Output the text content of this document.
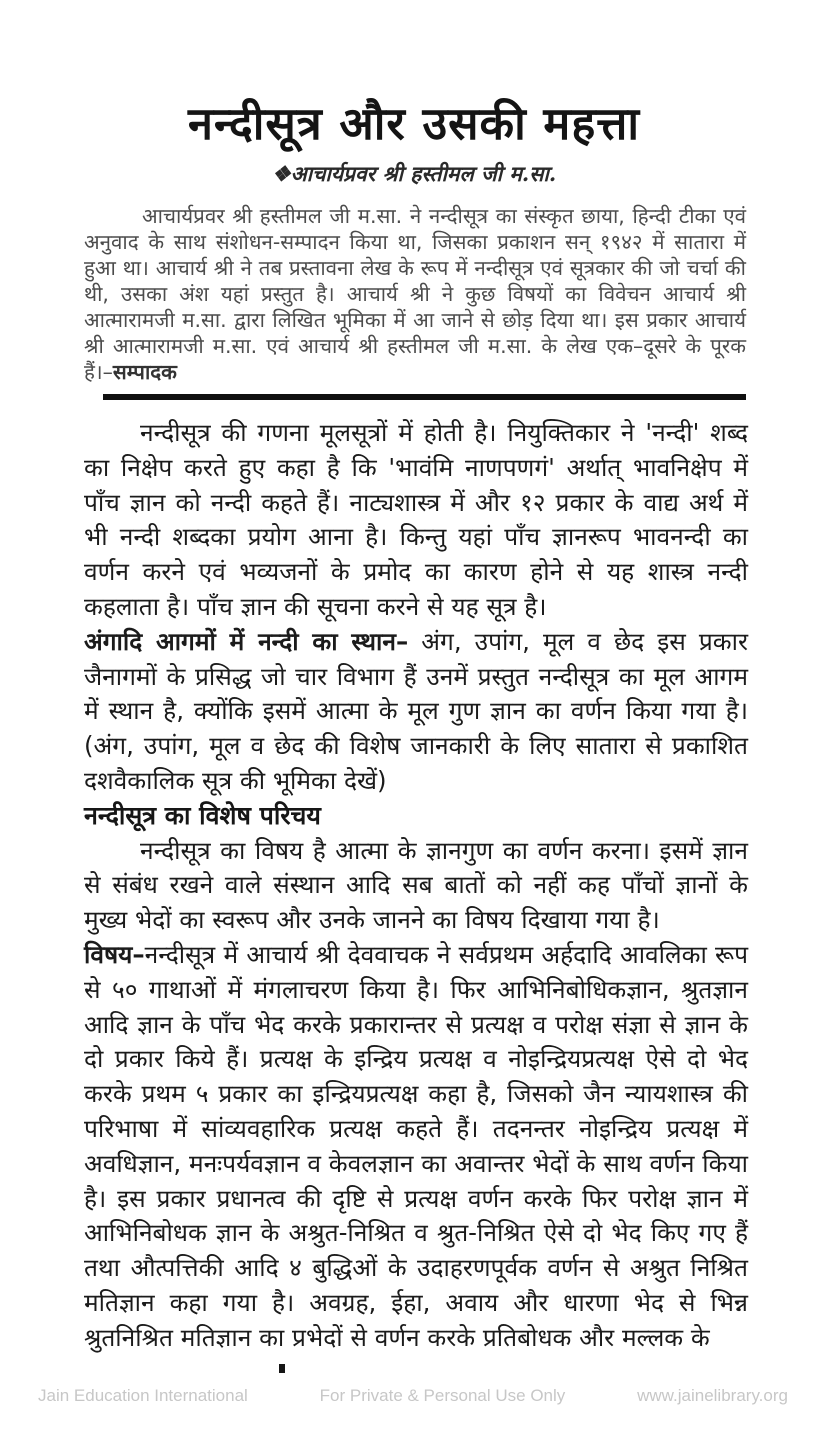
नन्दीसूत्र और उसकी महत्ता
❖आचार्यप्रवर श्री हस्तीमल जी म.सा.
आचार्यप्रवर श्री हस्तीमल जी म.सा. ने नन्दीसूत्र का संस्कृत छाया, हिन्दी टीका एवं अनुवाद के साथ संशोधन-सम्पादन किया था, जिसका प्रकाशन सन् १९४२ में सातारा में हुआ था। आचार्य श्री ने तब प्रस्तावना लेख के रूप में नन्दीसूत्र एवं सूत्रकार की जो चर्चा की थी, उसका अंश यहां प्रस्तुत है। आचार्य श्री ने कुछ विषयों का विवेचन आचार्य श्री आत्मारामजी म.सा. द्वारा लिखित भूमिका में आ जाने से छोड़ दिया था। इस प्रकार आचार्य श्री आत्मारामजी म.सा. एवं आचार्य श्री हस्तीमल जी म.सा. के लेख एक–दूसरे के पूरक हैं।–सम्पादक

नन्दीसूत्र की गणना मूलसूत्रों में होती है। नियुक्तिकार ने 'नन्दी' शब्द का निक्षेप करते हुए कहा है कि 'भावंमि नाणपणगं' अर्थात् भावनिक्षेप में पाँच ज्ञान को नन्दी कहते हैं। नाट्यशास्त्र में और १२ प्रकार के वाद्य अर्थ में भी नन्दी शब्दका प्रयोग आना है। किन्तु यहां पाँच ज्ञानरूप भावनन्दी का वर्णन करने एवं भव्यजनों के प्रमोद का कारण होने से यह शास्त्र नन्दी कहलाता है। पाँच ज्ञान की सूचना करने से यह सूत्र है।

अंगादि आगमों में नन्दी का स्थान– अंग, उपांग, मूल व छेद इस प्रकार जैनागमों के प्रसिद्ध जो चार विभाग हैं उनमें प्रस्तुत नन्दीसूत्र का मूल आगम में स्थान है, क्योंकि इसमें आत्मा के मूल गुण ज्ञान का वर्णन किया गया है। (अंग, उपांग, मूल व छेद की विशेष जानकारी के लिए सातारा से प्रकाशित दशवैकालिक सूत्र की भूमिका देखें)

नन्दीसूत्र का विशेष परिचय

नन्दीसूत्र का विषय है आत्मा के ज्ञानगुण का वर्णन करना। इसमें ज्ञान से संबंध रखने वाले संस्थान आदि सब बातों को नहीं कह पाँचों ज्ञानों के मुख्य भेदों का स्वरूप और उनके जानने का विषय दिखाया गया है।

विषय–नन्दीसूत्र में आचार्य श्री देववाचक ने सर्वप्रथम अर्हदादि आवलिका रूप से ५० गाथाओं में मंगलाचरण किया है। फिर आभिनिबोधिकज्ञान, श्रुतज्ञान आदि ज्ञान के पाँच भेद करके प्रकारान्तर से प्रत्यक्ष व परोक्ष संज्ञा से ज्ञान के दो प्रकार किये हैं। प्रत्यक्ष के इन्द्रिय प्रत्यक्ष व नोइन्द्रियप्रत्यक्ष ऐसे दो भेद करके प्रथम ५ प्रकार का इन्द्रियप्रत्यक्ष कहा है, जिसको जैन न्यायशास्त्र की परिभाषा में सांव्यवहारिक प्रत्यक्ष कहते हैं। तदनन्तर नोइन्द्रिय प्रत्यक्ष में अवधिज्ञान, मनःपर्यवज्ञान व केवलज्ञान का अवान्तर भेदों के साथ वर्णन किया है। इस प्रकार प्रधानत्व की दृष्टि से प्रत्यक्ष वर्णन करके फिर परोक्ष ज्ञान में आभिनिबोधक ज्ञान के अश्रुत-निश्रित व श्रुत-निश्रित ऐसे दो भेद किए गए हैं तथा औत्पत्तिकी आदि ४ बुद्धिओं के उदाहरणपूर्वक वर्णन से अश्रुत निश्रित मतिज्ञान कहा गया है। अवग्रह, ईहा, अवाय और धारणा भेद से भिन्न श्रुतनिश्रित मतिज्ञान का प्रभेदों से वर्णन करके प्रतिबोधक और मल्लक के

Jain Education International	For Private & Personal Use Only	www.jainelibrary.org
